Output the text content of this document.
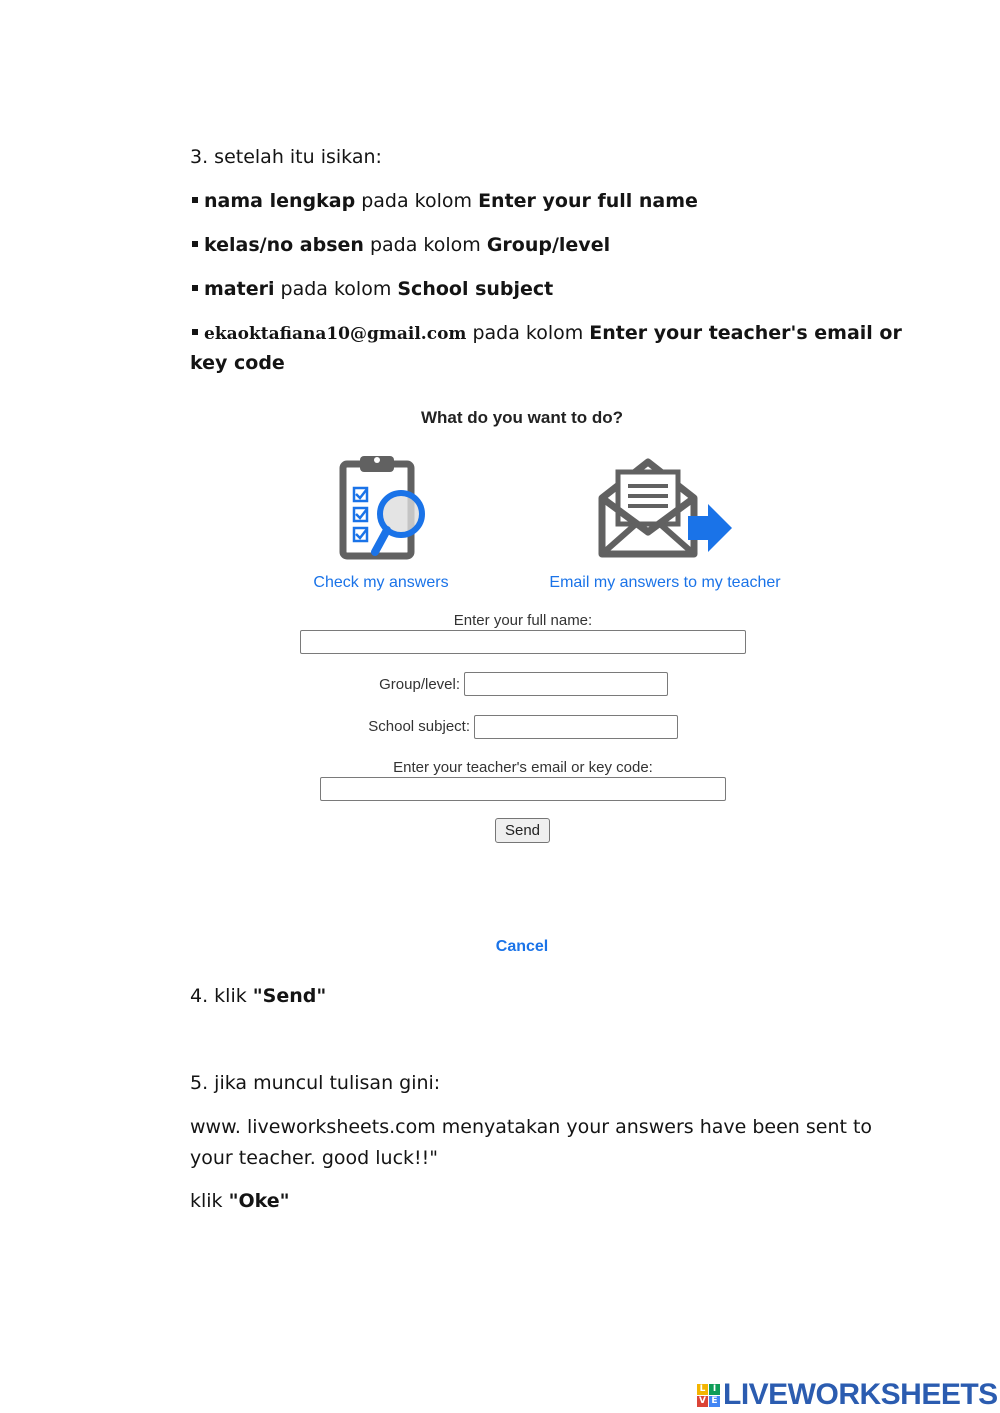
3. setelah itu isikan:
nama lengkap pada kolom Enter your full name
kelas/no absen pada kolom Group/level
materi pada kolom School subject
ekaoktafiana10@gmail.com pada kolom Enter your teacher's email or
key code
What do you want to do?
Check my answers	Email my answers to my teacher
Enter your full name:
Group/level:
School subject:
Enter your teacher's email or key code:
Send
Cancel
4. klik "Send"
5. jika muncul tulisan gini:
www. liveworksheets.com menyatakan your answers have been sent to
your teacher. good luck!!"
klik "Oke"
L I
V E LIVEWORKSHEETS
